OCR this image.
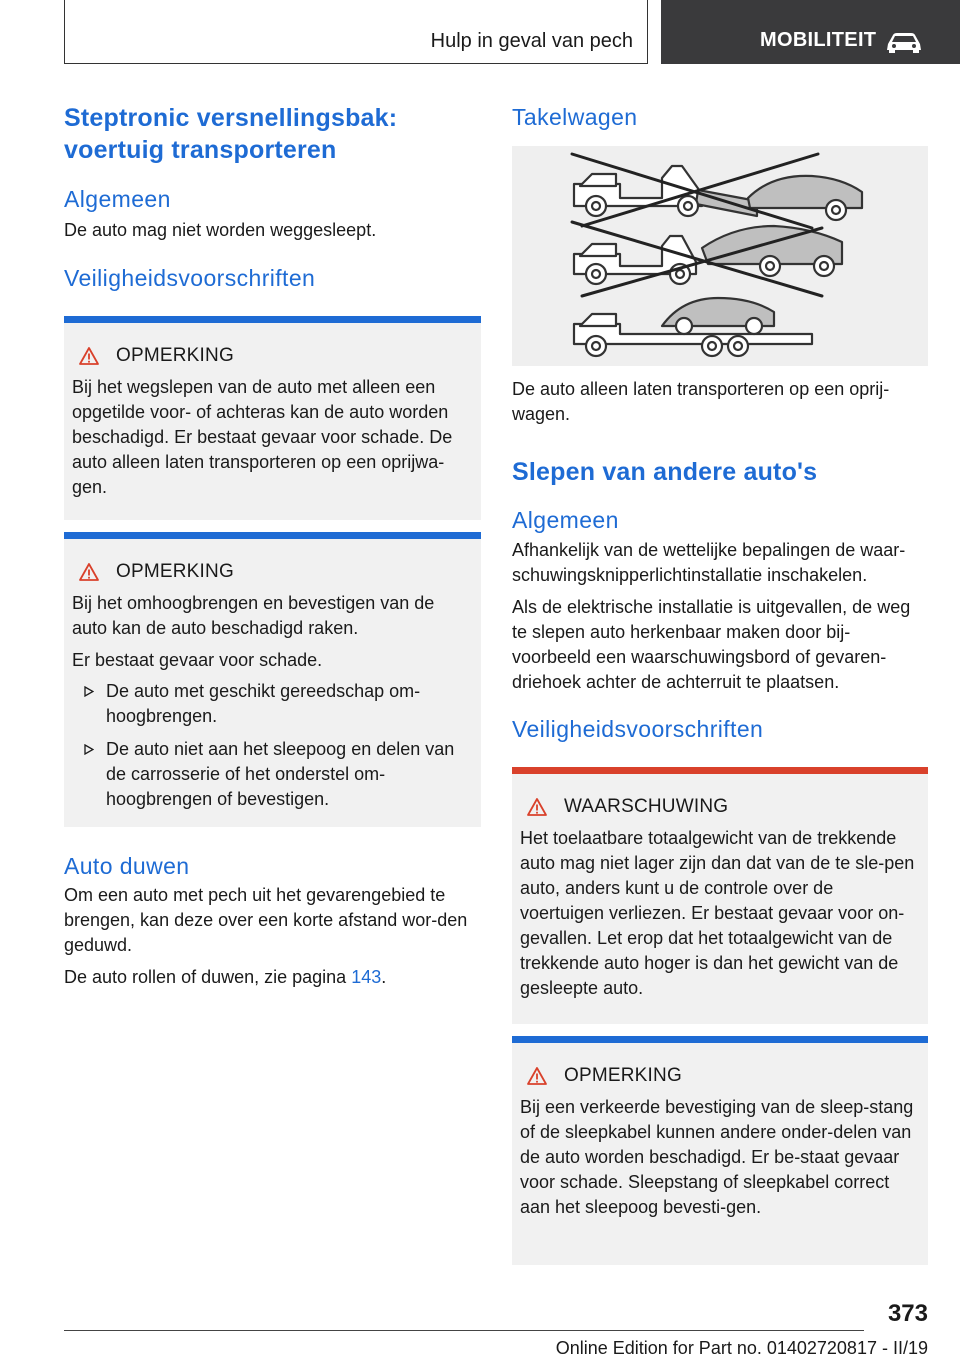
Hulp in geval van pech	MOBILITEIT
Steptronic versnellingsbak:
voertuig transporteren
Algemeen

De auto mag niet worden weggesleept.

Veiligheidsvoorschriften
OPMERKING

Bij het wegslepen van de auto met alleen een opgetilde voor- of achteras kan de auto worden beschadigd. Er bestaat gevaar voor schade. De auto alleen laten transporteren op een oprijwa-gen.

OPMERKING

Bij het omhoogbrengen en bevestigen van de auto kan de auto beschadigd raken.

Er bestaat gevaar voor schade.

De auto met geschikt gereedschap om-hoogbrengen.
De auto niet aan het sleepoog en delen van de carrosserie of het onderstel om-hoogbrengen of bevestigen.
Auto duwen

Om een auto met pech uit het gevarengebied te brengen, kan deze over een korte afstand wor-den geduwd.

De auto rollen of duwen, zie pagina 143.

Takelwagen

De auto alleen laten transporteren op een oprij-wagen.

Slepen van andere auto's
Algemeen

Afhankelijk van de wettelijke bepalingen de waar-schuwingsknipperlichtinstallatie inschakelen.

Als de elektrische installatie is uitgevallen, de weg te slepen auto herkenbaar maken door bij-voorbeeld een waarschuwingsbord of gevaren-driehoek achter de achterruit te plaatsen.

Veiligheidsvoorschriften
WAARSCHUWING

Het toelaatbare totaalgewicht van de trekkende auto mag niet lager zijn dan dat van de te sle-pen auto, anders kunt u de controle over de voertuigen verliezen. Er bestaat gevaar voor on-gevallen. Let erop dat het totaalgewicht van de trekkende auto hoger is dan het gewicht van de gesleepte auto.

OPMERKING

Bij een verkeerde bevestiging van de sleep-stang of de sleepkabel kunnen andere onder-delen van de auto worden beschadigd. Er be-staat gevaar voor schade. Sleepstang of sleepkabel correct aan het sleepoog bevesti-gen.

373
Online Edition for Part no. 01402720817 - II/19
